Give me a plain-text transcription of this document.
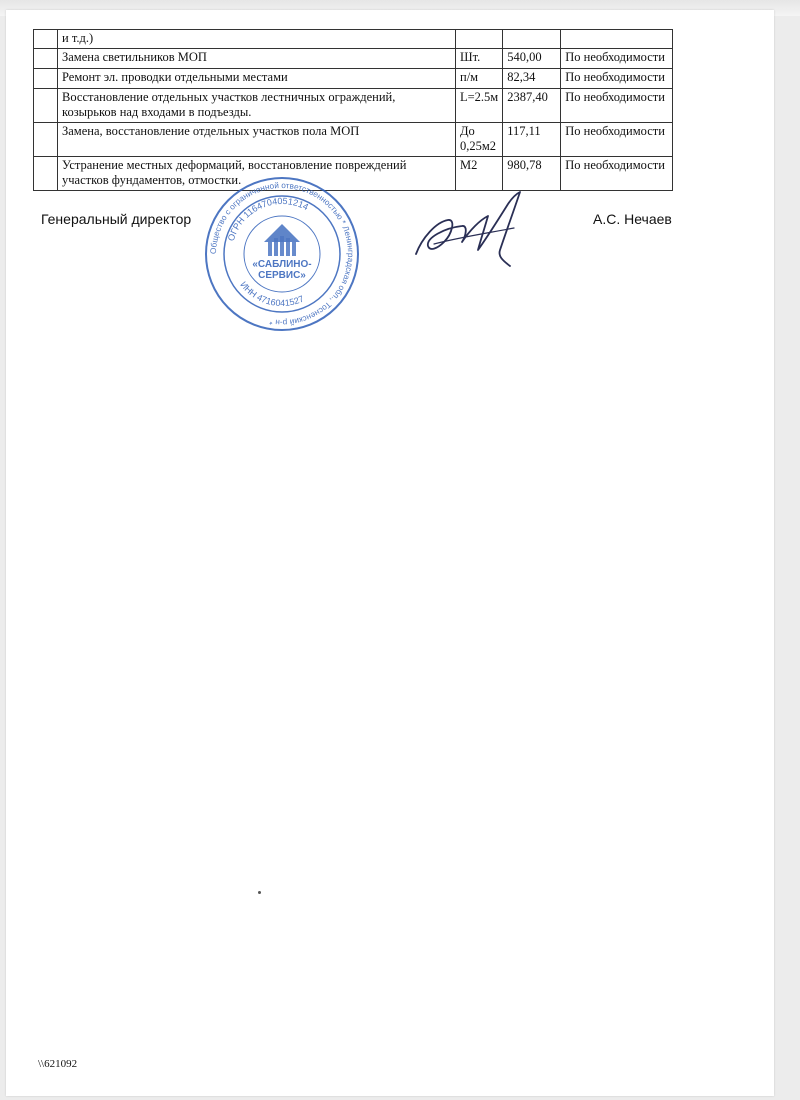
	и т.д.)			
	Замена светильников МОП	Шт.	540,00	По необходимости
	Ремонт эл. проводки отдельными местами	п/м	82,34	По необходимости
	Восстановление отдельных участков лестничных ограждений, козырьков над входами в подъезды.	L=2.5м	2387,40	По необходимости
	Замена, восстановление отдельных участков пола МОП	До 0,25м2	117,11	По необходимости
	Устранение местных деформаций, восстановление повреждений участков фундаментов, отмостки.	М2	980,78	По необходимости
Генеральный директор	А.С. Нечаев
Общество с ограниченной ответственностью * Ленинградская обл., Тосненский р-н *
ОГРН 1164704051214
ИНН 4716041527
«САБЛИНО-
СЕРВИС»
\\621092
